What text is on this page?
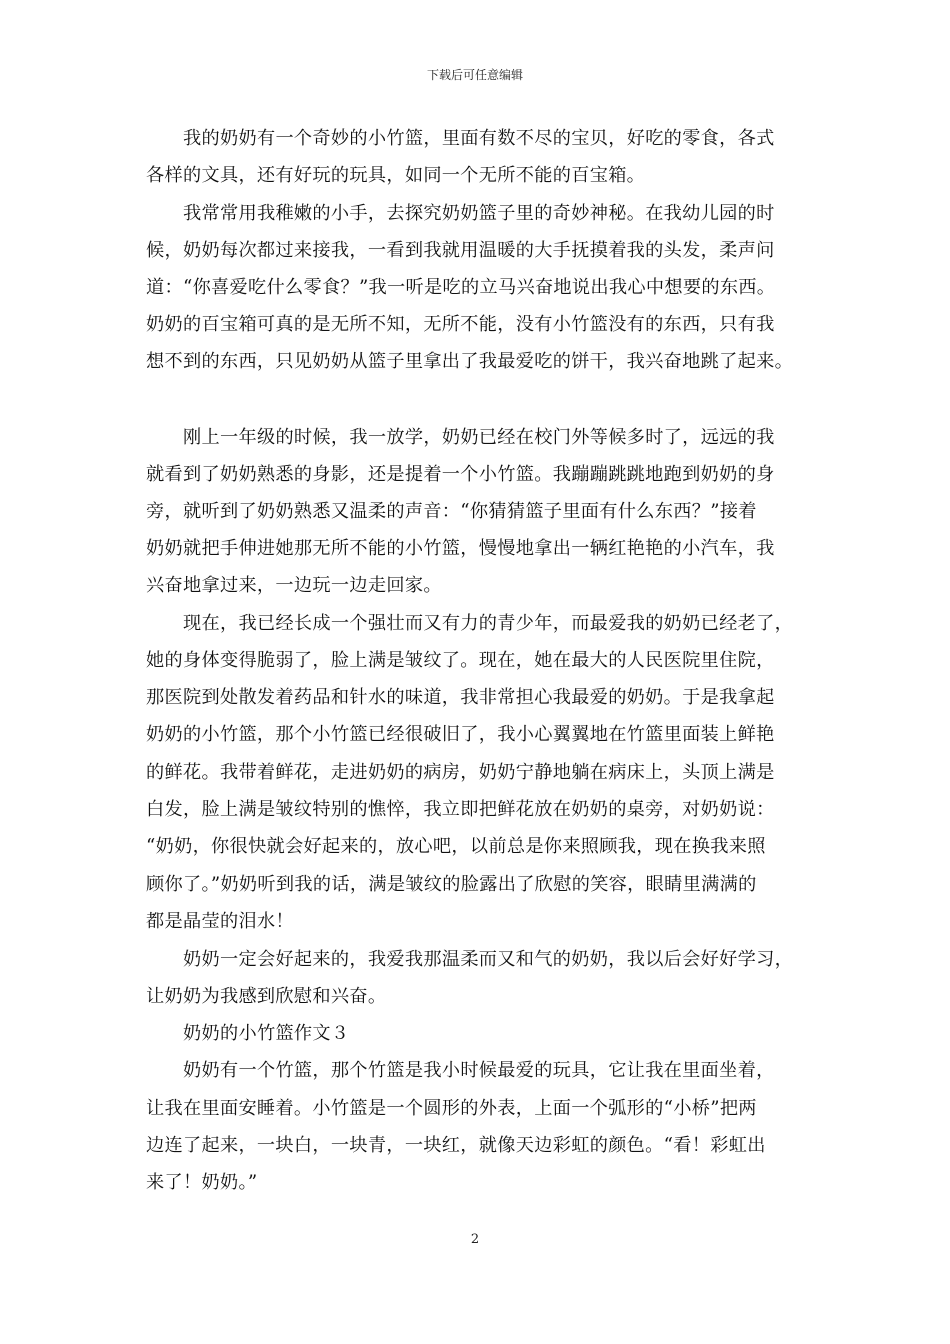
下载后可任意编辑
我的奶奶有一个奇妙的小竹篮，里面有数不尽的宝贝，好吃的零食，各式
各样的文具，还有好玩的玩具，如同一个无所不能的百宝箱。
我常常用我稚嫩的小手，去探究奶奶篮子里的奇妙神秘。在我幼儿园的时
候，奶奶每次都过来接我，一看到我就用温暖的大手抚摸着我的头发，柔声问
道：“你喜爱吃什么零食？”我一听是吃的立马兴奋地说出我心中想要的东西。
奶奶的百宝箱可真的是无所不知，无所不能，没有小竹篮没有的东西，只有我
想不到的东西，只见奶奶从篮子里拿出了我最爱吃的饼干，我兴奋地跳了起来。
刚上一年级的时候，我一放学，奶奶已经在校门外等候多时了，远远的我
就看到了奶奶熟悉的身影，还是提着一个小竹篮。我蹦蹦跳跳地跑到奶奶的身
旁，就听到了奶奶熟悉又温柔的声音：“你猜猜篮子里面有什么东西？”接着
奶奶就把手伸进她那无所不能的小竹篮，慢慢地拿出一辆红艳艳的小汽车，我
兴奋地拿过来，一边玩一边走回家。
现在，我已经长成一个强壮而又有力的青少年，而最爱我的奶奶已经老了，
她的身体变得脆弱了，脸上满是皱纹了。现在，她在最大的人民医院里住院，
那医院到处散发着药品和针水的味道，我非常担心我最爱的奶奶。于是我拿起
奶奶的小竹篮，那个小竹篮已经很破旧了，我小心翼翼地在竹篮里面装上鲜艳
的鲜花。我带着鲜花，走进奶奶的病房，奶奶宁静地躺在病床上，头顶上满是
白发，脸上满是皱纹特别的憔悴，我立即把鲜花放在奶奶的桌旁，对奶奶说：
“奶奶，你很快就会好起来的，放心吧，以前总是你来照顾我，现在换我来照
顾你了。”奶奶听到我的话，满是皱纹的脸露出了欣慰的笑容，眼睛里满满的
都是晶莹的泪水！
奶奶一定会好起来的，我爱我那温柔而又和气的奶奶，我以后会好好学习，
让奶奶为我感到欣慰和兴奋。
奶奶的小竹篮作文３
奶奶有一个竹篮，那个竹篮是我小时候最爱的玩具，它让我在里面坐着，
让我在里面安睡着。小竹篮是一个圆形的外表，上面一个弧形的“小桥”把两
边连了起来，一块白，一块青，一块红，就像天边彩虹的颜色。“看！彩虹出
来了！奶奶。”
2
